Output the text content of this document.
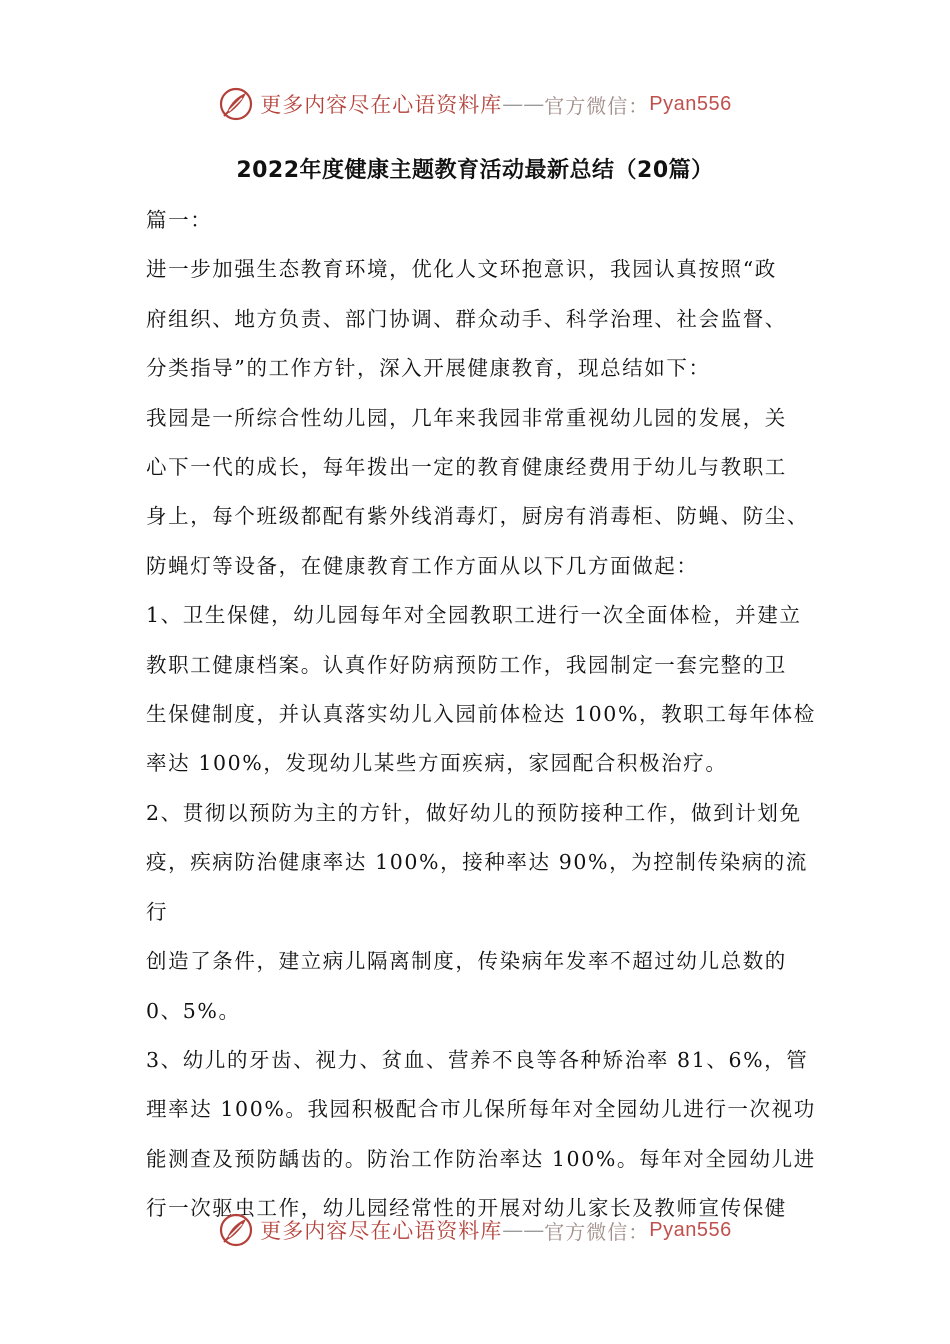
更多内容尽在心语资料库 —— 官方微信： Pyan556
2022年度健康主题教育活动最新总结（20篇）

篇一：

进一步加强生态教育环境，优化人文环抱意识，我园认真按照“政

府组织、地方负责、部门协调、群众动手、科学治理、社会监督、

分类指导”的工作方针，深入开展健康教育，现总结如下：

我园是一所综合性幼儿园，几年来我园非常重视幼儿园的发展，关

心下一代的成长，每年拨出一定的教育健康经费用于幼儿与教职工

身上，每个班级都配有紫外线消毒灯，厨房有消毒柜、防蝇、防尘、

防蝇灯等设备，在健康教育工作方面从以下几方面做起：

1、卫生保健，幼儿园每年对全园教职工进行一次全面体检，并建立

教职工健康档案。认真作好防病预防工作，我园制定一套完整的卫

生保健制度，并认真落实幼儿入园前体检达 100%，教职工每年体检

率达 100%，发现幼儿某些方面疾病，家园配合积极治疗。

2、贯彻以预防为主的方针，做好幼儿的预防接种工作，做到计划免

疫，疾病防治健康率达 100%，接种率达 90%，为控制传染病的流行

创造了条件，建立病儿隔离制度，传染病年发率不超过幼儿总数的

0、5%。

3、幼儿的牙齿、视力、贫血、营养不良等各种矫治率 81、6%，管

理率达 100%。我园积极配合市儿保所每年对全园幼儿进行一次视功

能测查及预防龋齿的。防治工作防治率达 100%。每年对全园幼儿进

行一次驱虫工作，幼儿园经常性的开展对幼儿家长及教师宣传保健

更多内容尽在心语资料库 —— 官方微信： Pyan556
